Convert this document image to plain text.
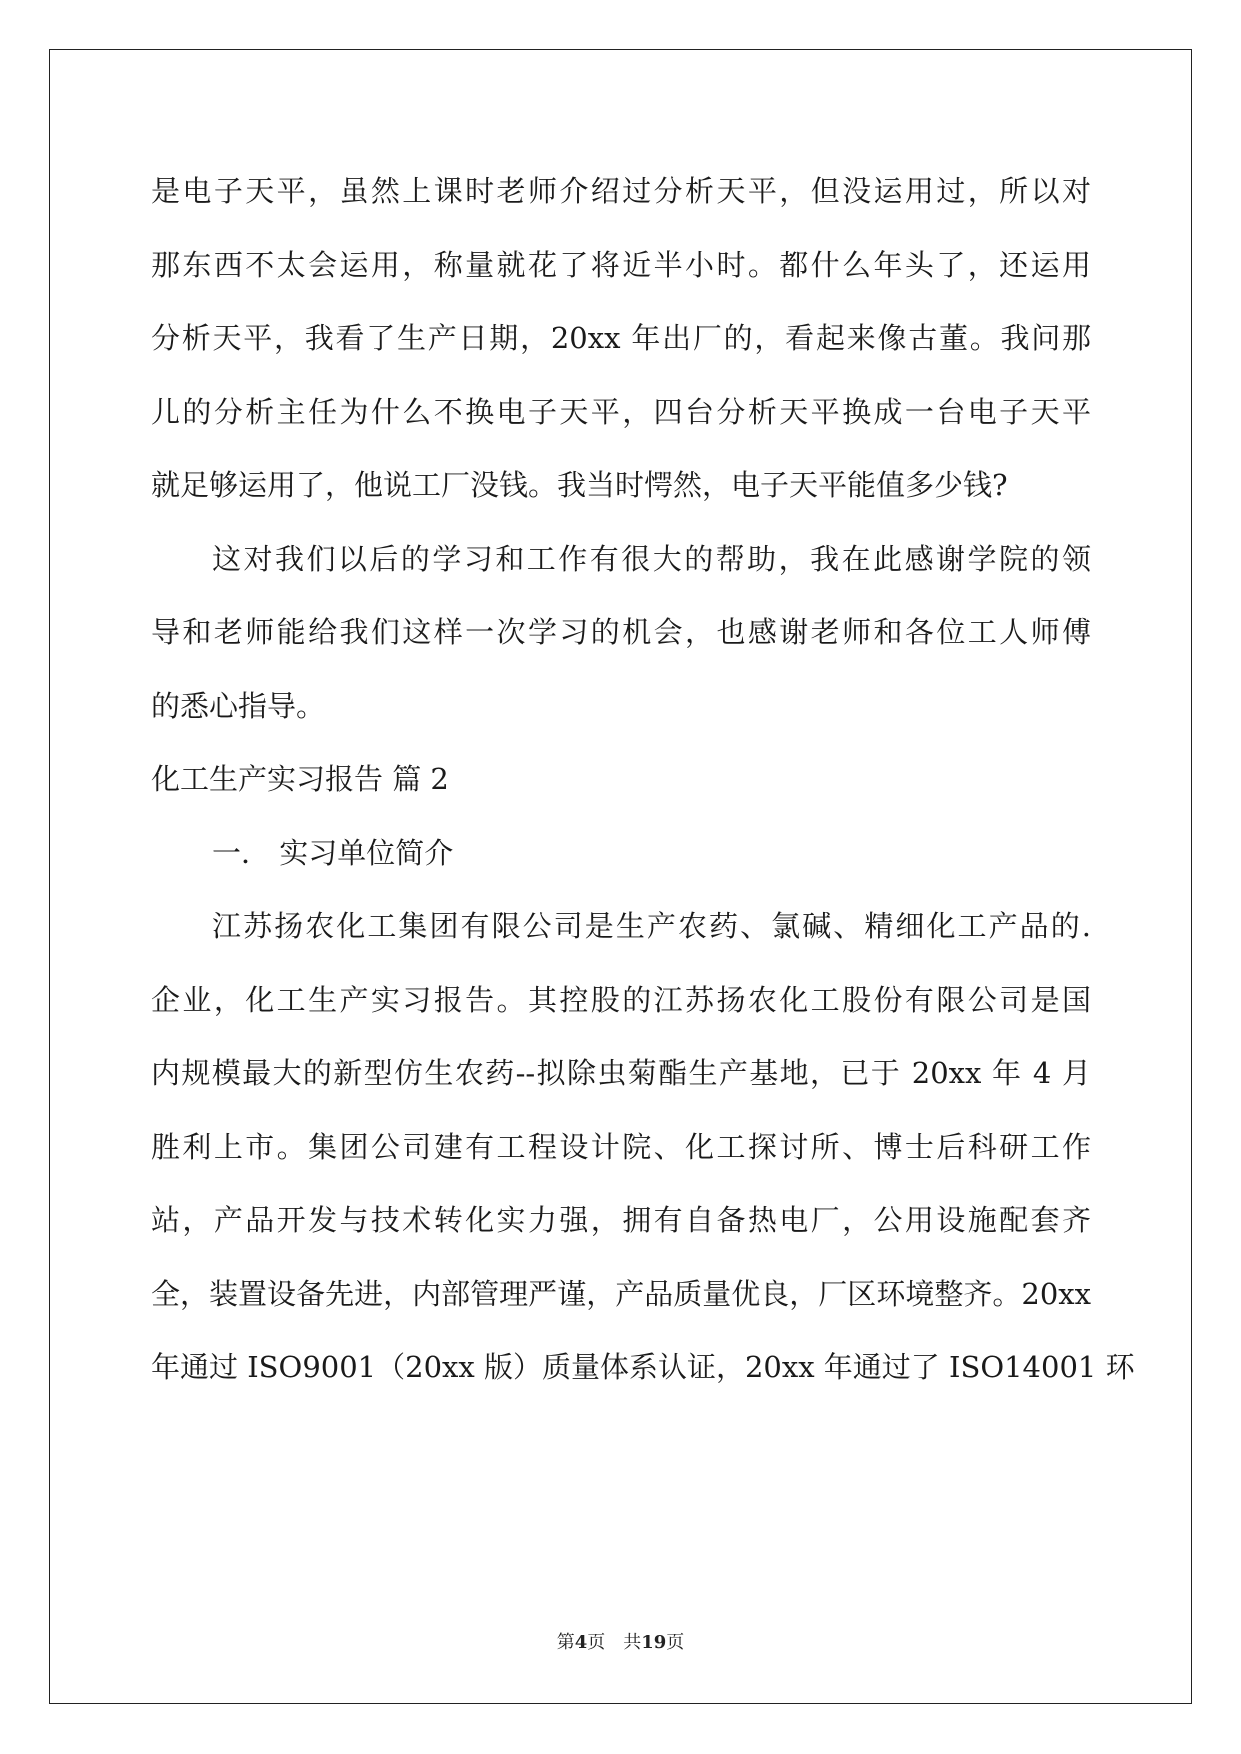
是电子天平，虽然上课时老师介绍过分析天平，但没运用过，所以对
那东西不太会运用，称量就花了将近半小时。都什么年头了，还运用
分析天平，我看了生产日期，20xx 年出厂的，看起来像古董。我问那
儿的分析主任为什么不换电子天平，四台分析天平换成一台电子天平
就足够运用了，他说工厂没钱。我当时愕然，电子天平能值多少钱?
这对我们以后的学习和工作有很大的帮助，我在此感谢学院的领
导和老师能给我们这样一次学习的机会，也感谢老师和各位工人师傅
的悉心指导。
化工生产实习报告 篇 2
一． 实习单位简介
江苏扬农化工集团有限公司是生产农药、氯碱、精细化工产品的.
企业，化工生产实习报告。其控股的江苏扬农化工股份有限公司是国
内规模最大的新型仿生农药--拟除虫菊酯生产基地，已于 20xx 年 4 月
胜利上市。集团公司建有工程设计院、化工探讨所、博士后科研工作
站，产品开发与技术转化实力强，拥有自备热电厂，公用设施配套齐
全，装置设备先进，内部管理严谨，产品质量优良，厂区环境整齐。20xx
年通过 ISO9001（20xx 版）质量体系认证，20xx 年通过了 ISO14001 环
第4页　共19页
